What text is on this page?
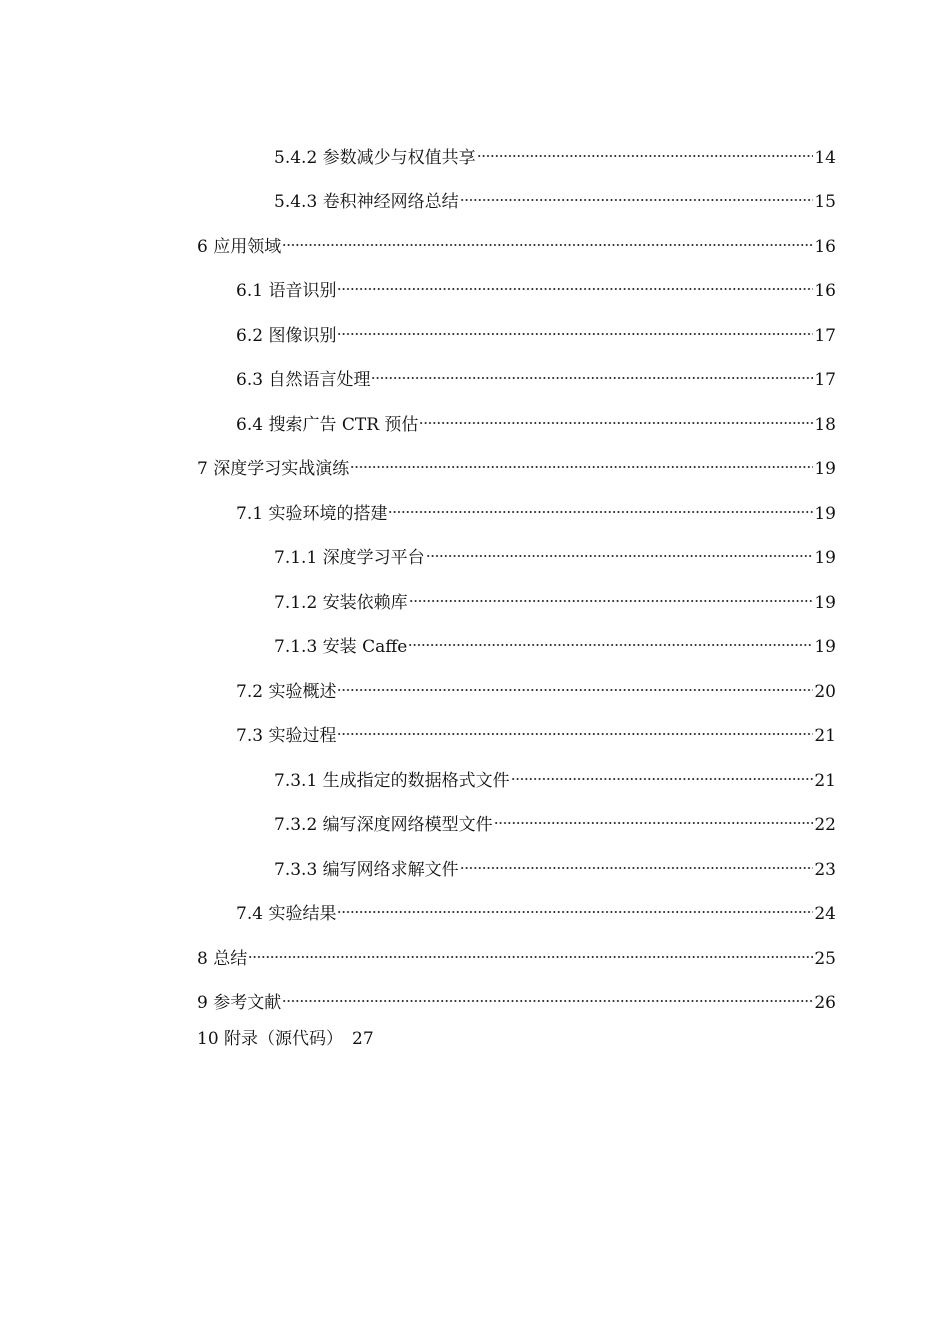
5.4.2 参数减少与权值共享	14
5.4.3 卷积神经网络总结	15
6 应用领域	16
6.1 语音识别	16
6.2 图像识别	17
6.3 自然语言处理	17
6.4 搜索广告 CTR 预估	18
7 深度学习实战演练	19
7.1 实验环境的搭建	19
7.1.1 深度学习平台	19
7.1.2 安装依赖库	19
7.1.3 安装 Caffe	19
7.2 实验概述	20
7.3 实验过程	21
7.3.1 生成指定的数据格式文件	21
7.3.2 编写深度网络模型文件	22
7.3.3 编写网络求解文件	23
7.4 实验结果	24
8 总结	25
9 参考文献	26
10 附录（源代码） 27
